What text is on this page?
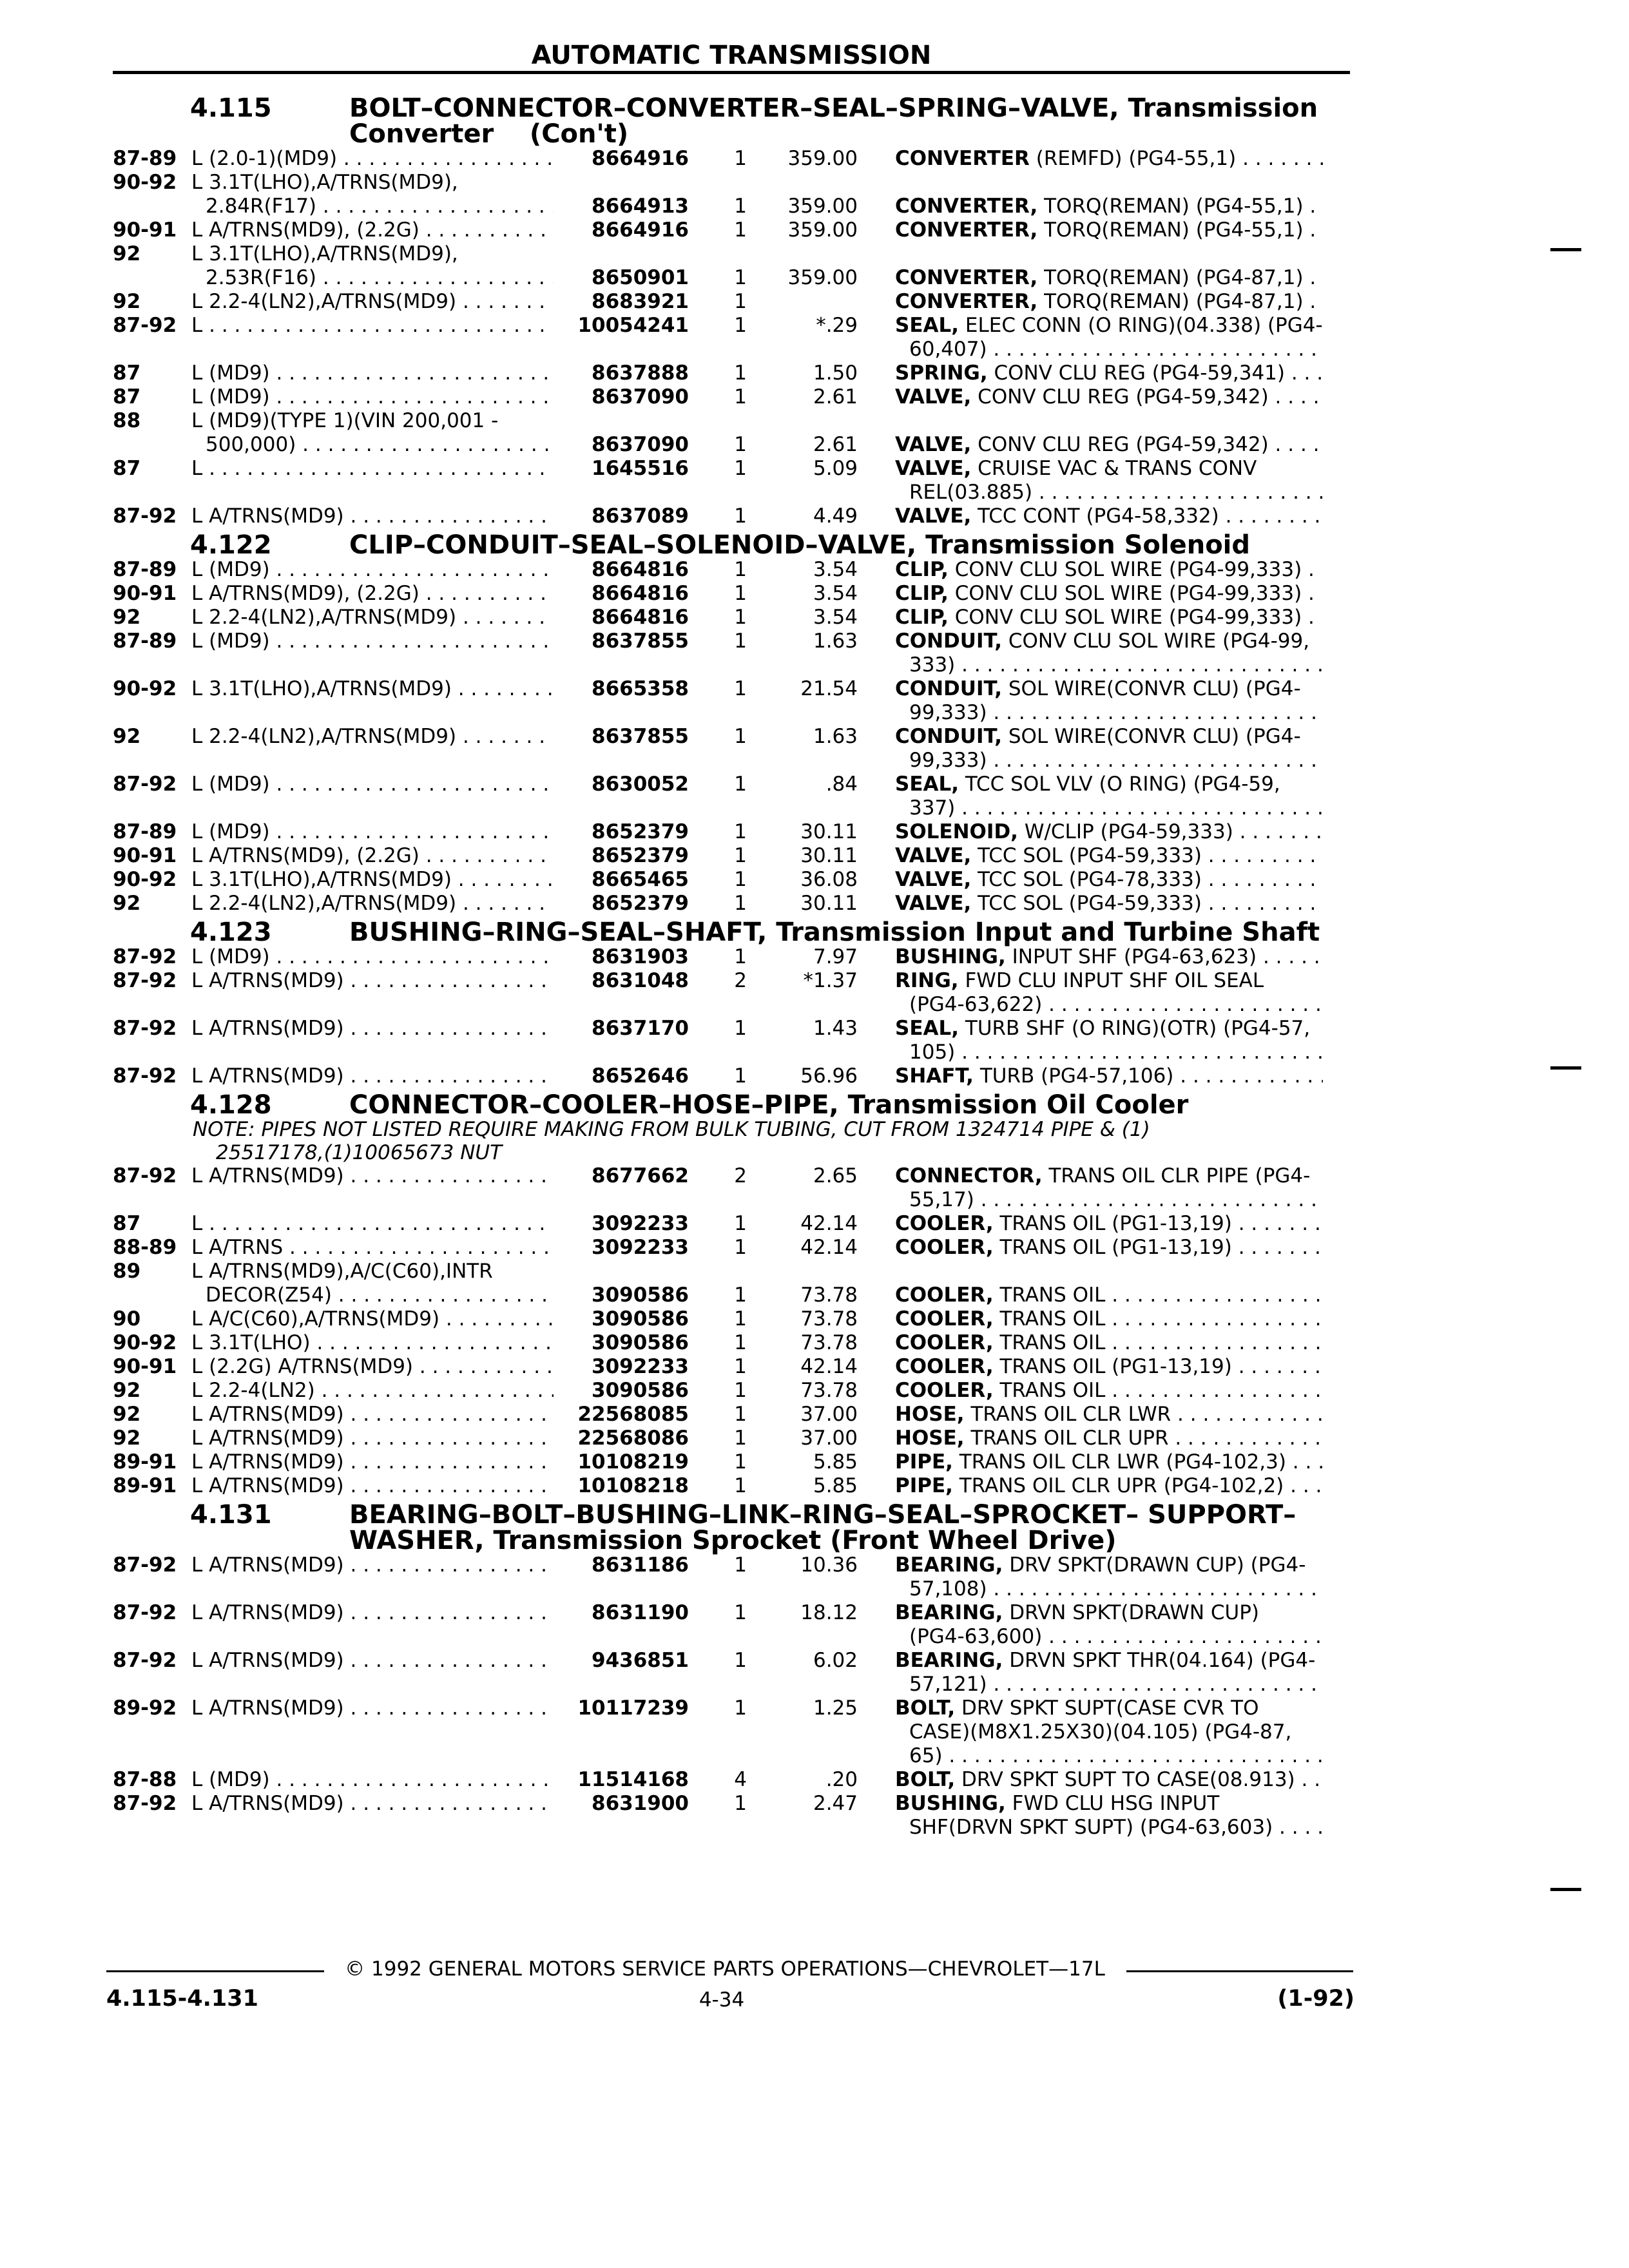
AUTOMATIC TRANSMISSION
4.115	BOLT–CONNECTOR–CONVERTER–SEAL–SPRING–VALVE, Transmission Converter (Con't)
87-89 L (2.0-1)(MD9) . . .	8664916	1	359.00 CONVERTER (REMFD) (PG4-55,1) . . .
90-92 L 3.1T(LHO),A/TRNS(MD9),
2.84R(F17) . . .	8664913	1	359.00 CONVERTER, TORQ(REMAN) (PG4-55,1) . . .
90-91 L A/TRNS(MD9), (2.2G) . . .	8664916	1	359.00 CONVERTER, TORQ(REMAN) (PG4-55,1) . . .
92	L 3.1T(LHO),A/TRNS(MD9),
2.53R(F16) . . .	8650901	1	359.00 CONVERTER, TORQ(REMAN) (PG4-87,1) . . .
92	L 2.2-4(LN2),A/TRNS(MD9) . . .	8683921	1	CONVERTER, TORQ(REMAN) (PG4-87,1) . . .
87-92 L . . .	10054241	1	*.29 SEAL, ELEC CONN (O RING)(04.338) (PG4-
60,407) . . .
87	L (MD9) . . .	8637888	1	1.50 SPRING, CONV CLU REG (PG4-59,341) . . .
87	L (MD9) . . .	8637090	1	2.61 VALVE, CONV CLU REG (PG4-59,342) . . .
88	L (MD9)(TYPE 1)(VIN 200,001 -
500,000) . . .	8637090	1	2.61 VALVE, CONV CLU REG (PG4-59,342) . . .
87	L . . .	1645516	1	5.09 VALVE, CRUISE VAC & TRANS CONV
REL(03.885) . . .
87-92 L A/TRNS(MD9) . . .	8637089	1	4.49 VALVE, TCC CONT (PG4-58,332) . . .
4.122	CLIP–CONDUIT–SEAL–SOLENOID–VALVE, Transmission Solenoid
87-89 L (MD9) . . .	8664816	1	3.54 CLIP, CONV CLU SOL WIRE (PG4-99,333) . . .
90-91 L A/TRNS(MD9), (2.2G) . . .	8664816	1	3.54 CLIP, CONV CLU SOL WIRE (PG4-99,333) . . .
92	L 2.2-4(LN2),A/TRNS(MD9) . . .	8664816	1	3.54 CLIP, CONV CLU SOL WIRE (PG4-99,333) . . .
87-89 L (MD9) . . .	8637855	1	1.63 CONDUIT, CONV CLU SOL WIRE (PG4-99,
333) . . .
90-92 L 3.1T(LHO),A/TRNS(MD9) . . .	8665358	1	21.54 CONDUIT, SOL WIRE(CONVR CLU) (PG4-
99,333) . . .
92	L 2.2-4(LN2),A/TRNS(MD9) . . .	8637855	1	1.63 CONDUIT, SOL WIRE(CONVR CLU) (PG4-
99,333) . . .
87-92 L (MD9) . . .	8630052	1	.84 SEAL, TCC SOL VLV (O RING) (PG4-59,
337) . . .
87-89 L (MD9) . . .	8652379	1	30.11 SOLENOID, W/CLIP (PG4-59,333) . . .
90-91 L A/TRNS(MD9), (2.2G) . . .	8652379	1	30.11 VALVE, TCC SOL (PG4-59,333) . . .
90-92 L 3.1T(LHO),A/TRNS(MD9) . . .	8665465	1	36.08 VALVE, TCC SOL (PG4-78,333) . . .
92	L 2.2-4(LN2),A/TRNS(MD9) . . .	8652379	1	30.11 VALVE, TCC SOL (PG4-59,333) . . .
4.123	BUSHING–RING–SEAL–SHAFT, Transmission Input and Turbine Shaft
87-92 L (MD9) . . .	8631903	1	7.97 BUSHING, INPUT SHF (PG4-63,623) . . .
87-92 L A/TRNS(MD9) . . .	8631048	2	*1.37 RING, FWD CLU INPUT SHF OIL SEAL
(PG4-63,622) . . .
87-92 L A/TRNS(MD9) . . .	8637170	1	1.43 SEAL, TURB SHF (O RING)(OTR) (PG4-57,
105) . . .
87-92 L A/TRNS(MD9) . . .	8652646	1	56.96 SHAFT, TURB (PG4-57,106) . . .
4.128	CONNECTOR–COOLER–HOSE–PIPE, Transmission Oil Cooler
NOTE: PIPES NOT LISTED REQUIRE MAKING FROM BULK TUBING, CUT FROM 1324714 PIPE & (1)
25517178,(1)10065673 NUT
87-92 L A/TRNS(MD9) . . .	8677662	2	2.65 CONNECTOR, TRANS OIL CLR PIPE (PG4-
55,17) . . .
87	L . . .	3092233	1	42.14 COOLER, TRANS OIL (PG1-13,19) . . .
88-89 L A/TRNS . . .	3092233	1	42.14 COOLER, TRANS OIL (PG1-13,19) . . .
89	L A/TRNS(MD9),A/C(C60),INTR
DECOR(Z54) . . .	3090586	1	73.78 COOLER, TRANS OIL . . .
90	L A/C(C60),A/TRNS(MD9) . . .	3090586	1	73.78 COOLER, TRANS OIL . . .
90-92 L 3.1T(LHO) . . .	3090586	1	73.78 COOLER, TRANS OIL . . .
90-91 L (2.2G) A/TRNS(MD9) . . .	3092233	1	42.14 COOLER, TRANS OIL (PG1-13,19) . . .
92	L 2.2-4(LN2) . . .	3090586	1	73.78 COOLER, TRANS OIL . . .
92	L A/TRNS(MD9) . . .	22568085	1	37.00 HOSE, TRANS OIL CLR LWR . . .
92	L A/TRNS(MD9) . . .	22568086	1	37.00 HOSE, TRANS OIL CLR UPR . . .
89-91 L A/TRNS(MD9) . . .	10108219	1	5.85 PIPE, TRANS OIL CLR LWR (PG4-102,3) . . .
89-91 L A/TRNS(MD9) . . .	10108218	1	5.85 PIPE, TRANS OIL CLR UPR (PG4-102,2) . . .
4.131	BEARING–BOLT–BUSHING–LINK–RING–SEAL–SPROCKET– SUPPORT–WASHER, Transmission Sprocket (Front Wheel Drive)
87-92 L A/TRNS(MD9) . . .	8631186	1	10.36 BEARING, DRV SPKT(DRAWN CUP) (PG4-
57,108) . . .
87-92 L A/TRNS(MD9) . . .	8631190	1	18.12 BEARING, DRVN SPKT(DRAWN CUP)
(PG4-63,600) . . .
87-92 L A/TRNS(MD9) . . .	9436851	1	6.02 BEARING, DRVN SPKT THR(04.164) (PG4-
57,121) . . .
89-92 L A/TRNS(MD9) . . .	10117239	1	1.25 BOLT, DRV SPKT SUPT(CASE CVR TO
CASE)(M8X1.25X30)(04.105) (PG4-87,
65) . . .
87-88 L (MD9) . . .	11514168	4	.20 BOLT, DRV SPKT SUPT TO CASE(08.913) . . .
87-92 L A/TRNS(MD9) . . .	8631900	1	2.47 BUSHING, FWD CLU HSG INPUT
SHF(DRVN SPKT SUPT) (PG4-63,603) . . .
© 1992 GENERAL MOTORS SERVICE PARTS OPERATIONS—CHEVROLET—17L
4.115-4.131	4-34	(1-92)
